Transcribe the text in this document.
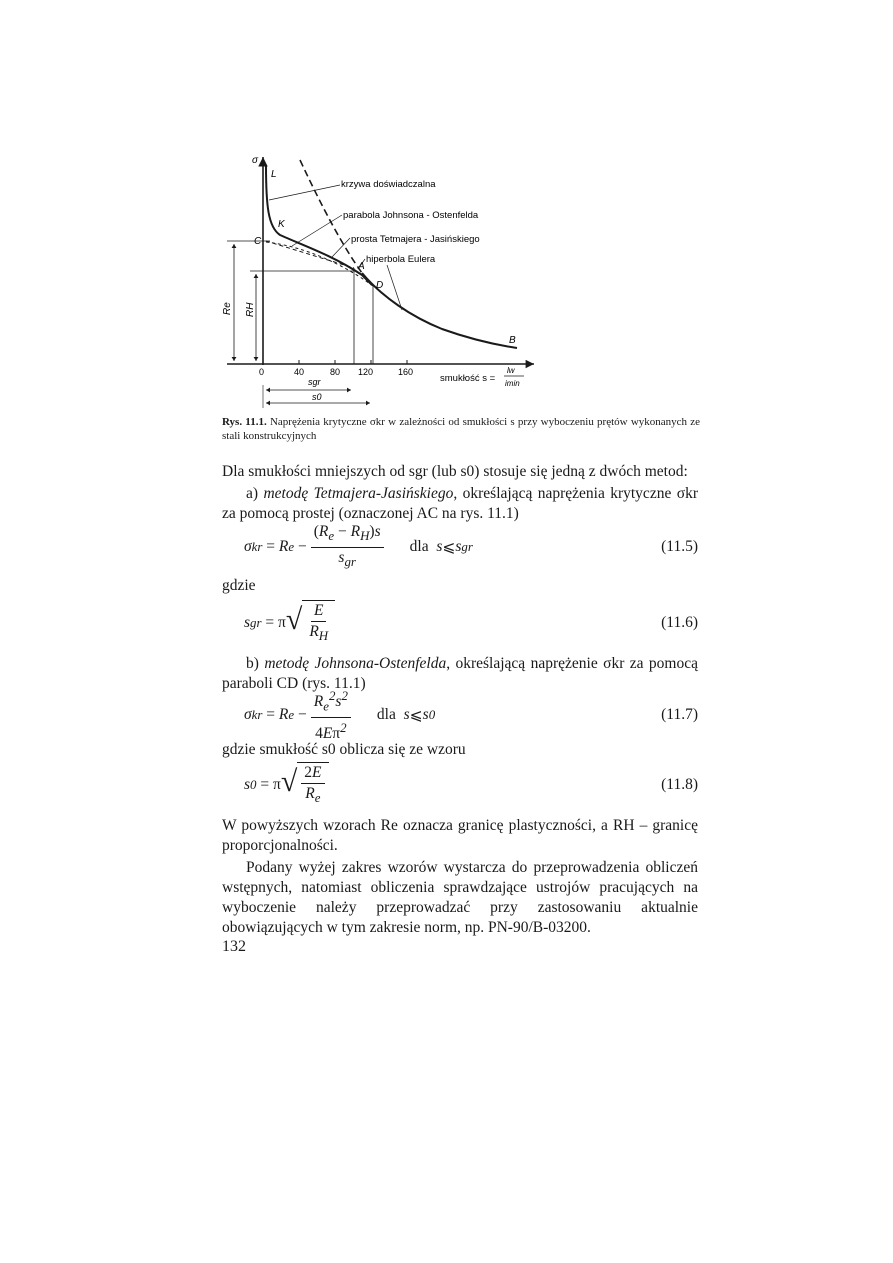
σ
0	40	80 120	160
smukłość s =
lw
imin
Re RH
sgr
s0
L
K
C
A
D
B
krzywa doświadczalna
parabola Johnsona - Ostenfelda
prosta Tetmajera - Jasińskiego
hiperbola Eulera
Rys. 11.1. Naprężenia krytyczne σkr w zależności od smukłości s przy wyboczeniu prętów wykonanych ze stali konstrukcyjnych
Dla smukłości mniejszych od sgr (lub s0) stosuje się jedną z dwóch metod:
a) metodę Tetmajera-Jasińskiego, określającą naprężenia krytyczne σkr za pomocą prostej (oznaczonej AC na rys. 11.1)
σ kr
= R e
− $\frac{(R_e - R_H)s}{s_{gr}}$ dla s ⩽ s gr	(11.5)
gdzie
s gr
=
π √ $\frac{E}{R_H}$	(11.6)
b) metodę Johnsona-Ostenfelda, określającą naprężenie σkr za pomocą paraboli CD (rys. 11.1)
σ kr
= R e
− $\frac{R_e^2s^2}{4E\pi^2}$ dla s ⩽ s 0	(11.7)
gdzie smukłość s0 oblicza się ze wzoru
s 0
=
π √ $\frac{2E}{R_e}$	(11.8)
W powyższych wzorach Re oznacza granicę plastyczności, a RH – granicę proporcjonalności.
Podany wyżej zakres wzorów wystarcza do przeprowadzenia obliczeń wstępnych, natomiast obliczenia sprawdzające ustrojów pracujących na wyboczenie należy przeprowadzać przy zastosowaniu aktualnie obowiązujących w tym zakresie norm, np. PN-90/B-03200.
132
